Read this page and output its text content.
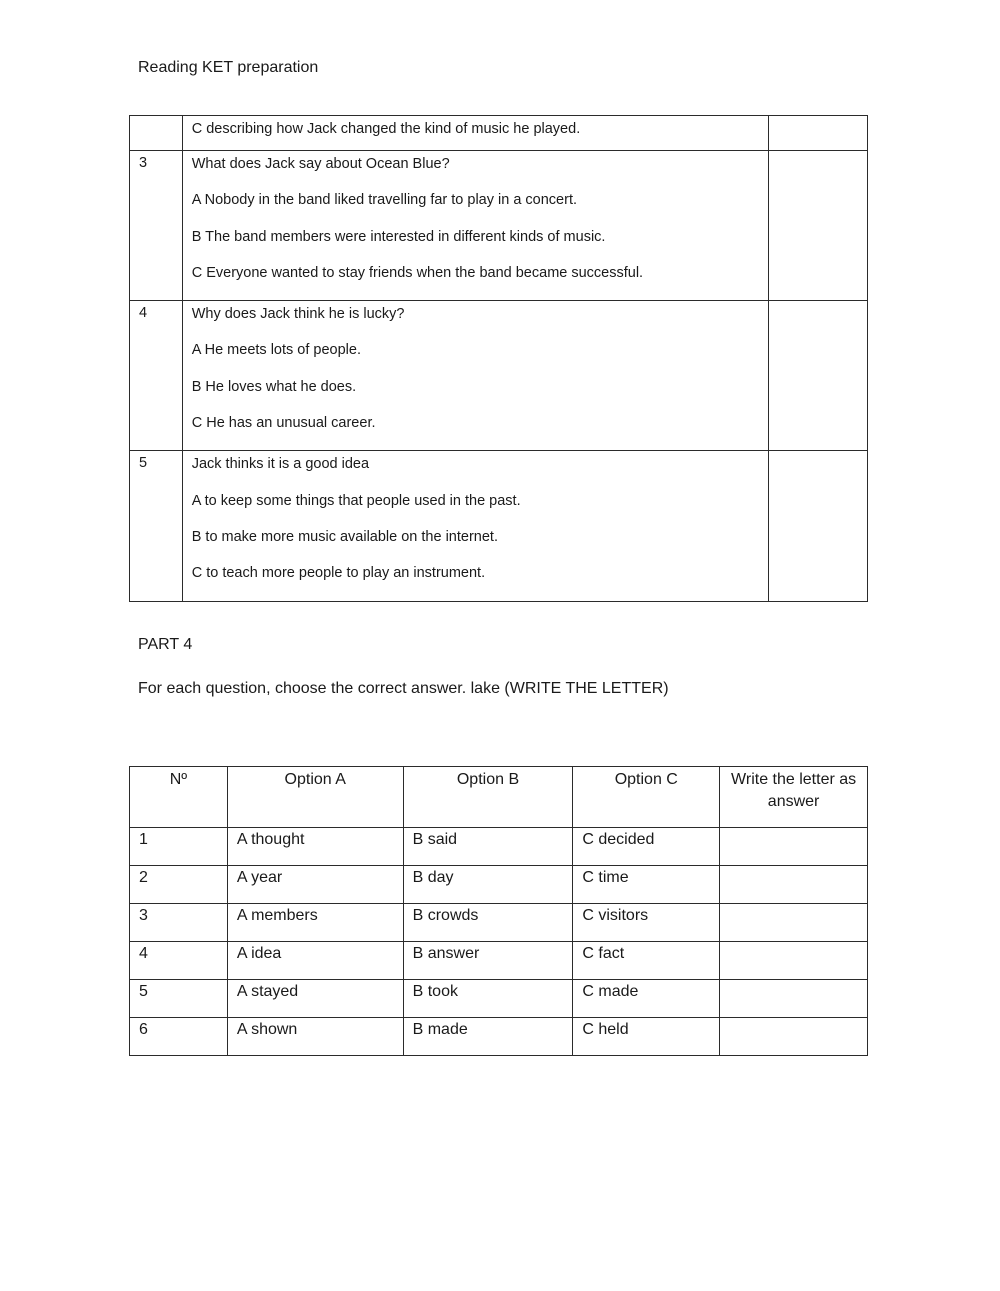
Reading KET preparation

	C describing how Jack changed the kind of music he played.	

3	What does Jack say about Ocean Blue?
A Nobody in the band liked travelling far to play in a concert.
B The band members were interested in different kinds of music.
C Everyone wanted to stay friends when the band became successful.	

4	Why does Jack think he is lucky?
A He meets lots of people.
B He loves what he does.
C He has an unusual career.	

5	Jack thinks it is a good idea
A to keep some things that people used in the past.
B to make more music available on the internet.
C to teach more people to play an instrument.	

PART 4
For each question, choose the correct answer. lake (WRITE THE LETTER)
Nº	Option A	Option B	Option C	Write the letter as answer
1	A thought	B said	C decided	
2	A year	B day	C time	
3	A members	B crowds	C visitors	
4	A idea	B answer	C fact	
5	A stayed	B took	C made	
6	A shown	B made	C held	
